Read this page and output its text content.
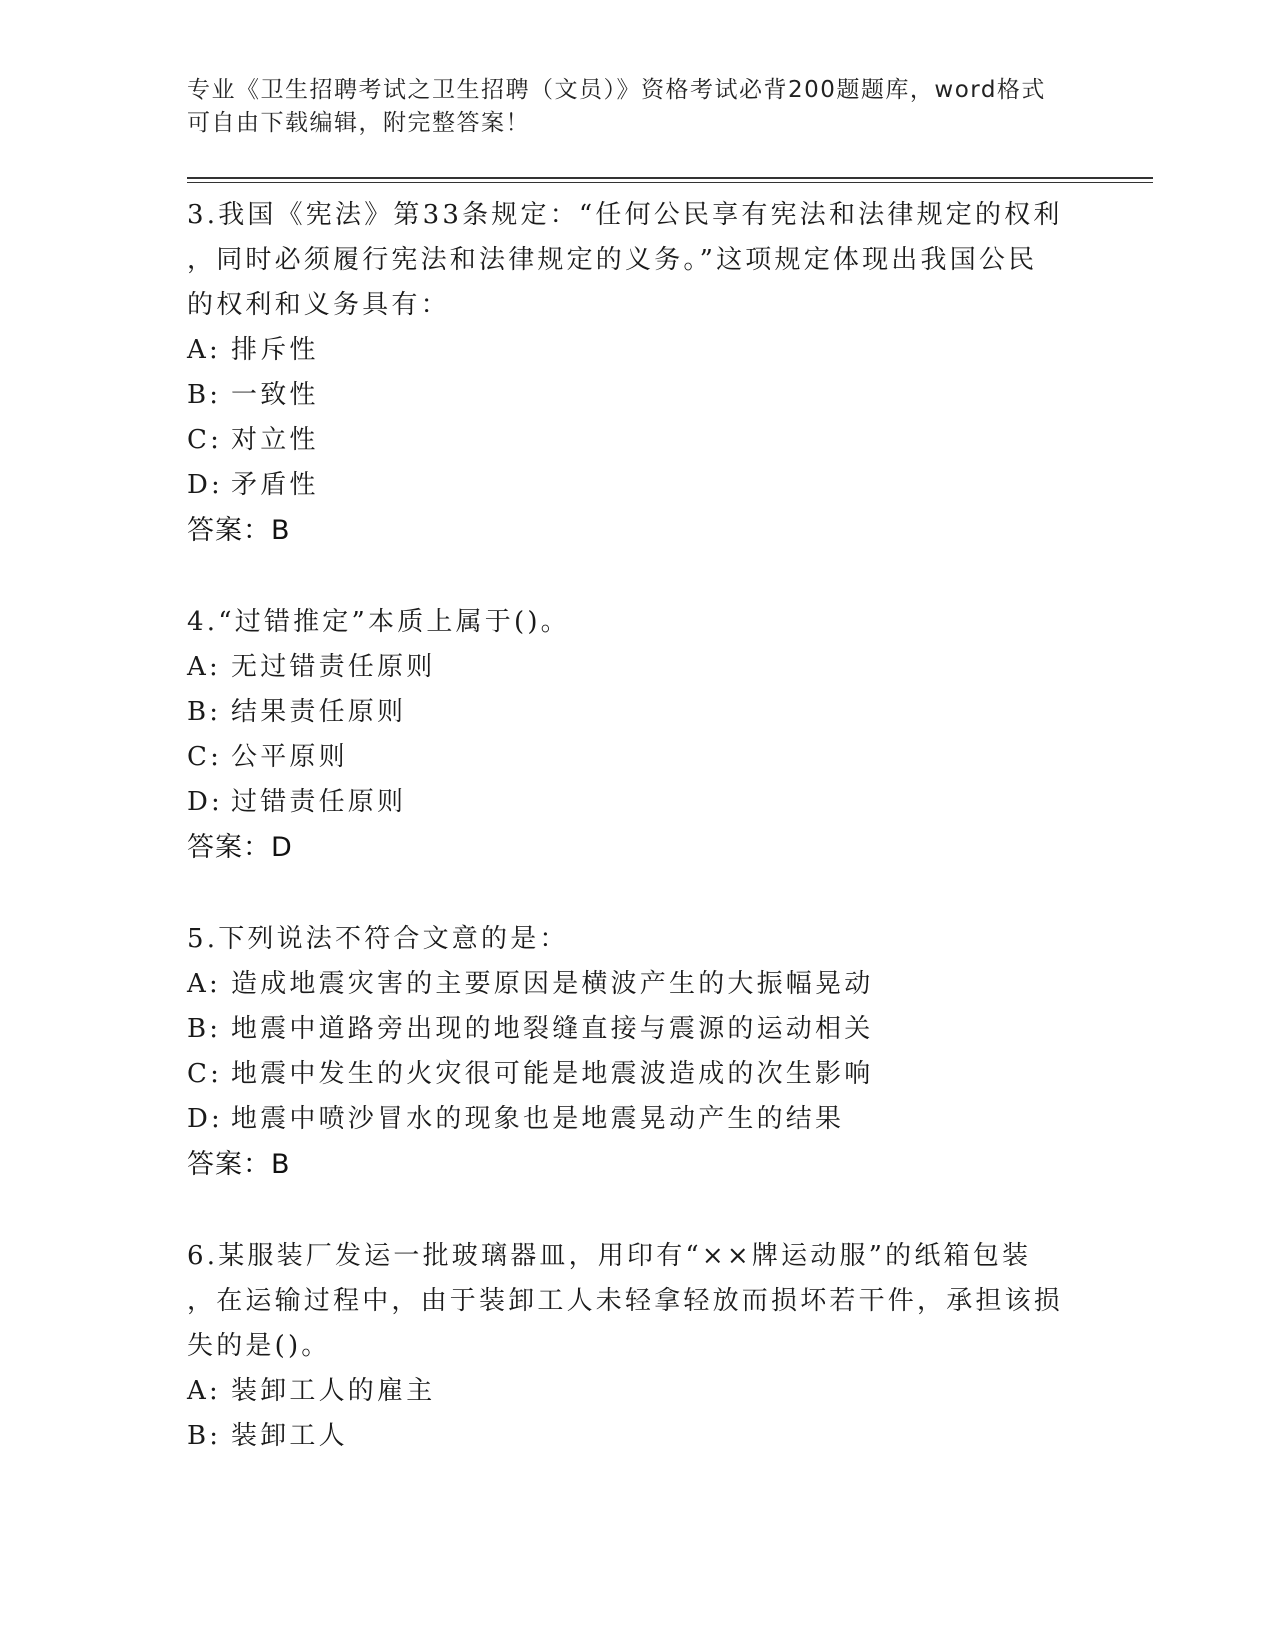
专业《卫生招聘考试之卫生招聘（文员）》资格考试必背200题题库，word格式
可自由下载编辑，附完整答案！

3.我国《宪法》第33条规定：“任何公民享有宪法和法律规定的权利

，同时必须履行宪法和法律规定的义务。”这项规定体现出我国公民

的权利和义务具有：

A: 排斥性

B: 一致性

C: 对立性

D: 矛盾性

答案：B

4.“过错推定”本质上属于()。

A: 无过错责任原则

B: 结果责任原则

C: 公平原则

D: 过错责任原则

答案：D

5.下列说法不符合文意的是：

A: 造成地震灾害的主要原因是横波产生的大振幅晃动

B: 地震中道路旁出现的地裂缝直接与震源的运动相关

C: 地震中发生的火灾很可能是地震波造成的次生影响

D: 地震中喷沙冒水的现象也是地震晃动产生的结果

答案：B

6.某服装厂发运一批玻璃器皿，用印有“××牌运动服”的纸箱包装

，在运输过程中，由于装卸工人未轻拿轻放而损坏若干件，承担该损

失的是()。

A: 装卸工人的雇主

B: 装卸工人
